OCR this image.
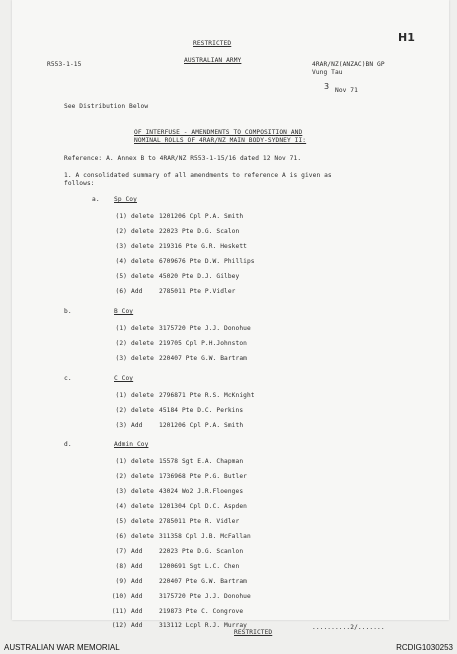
RESTRICTED
AUSTRALIAN ARMY
H1
R553-1-15	4RAR/NZ(ANZAC)BN GP
Vung Tau
3 Nov 71
See Distribution Below
OF INTERFUSE - AMENDMENTS TO COMPOSITION AND
NOMINAL ROLLS OF 4RAR/NZ MAIN BODY-SYDNEY II:
Reference: A. Annex B to 4RAR/NZ R553-1-15/16 dated 12 Nov 71.
1. A consolidated summary of all amendments to reference A is given as
follows:
a. Sp Coy
(1) delete 1201206 Cpl P.A. Smith
(2) delete 22023 Pte D.G. Scalon
(3) delete 219316 Pte G.R. Heskett
(4) delete 6709676 Pte D.W. Phillips
(5) delete 45020 Pte D.J. Gilbey
(6) Add	2785011 Pte P.Vidler
b.	B Coy
(1) delete 3175720 Pte J.J. Donohue
(2) delete 219705 Cpl P.H.Johnston
(3) delete 220407 Pte G.W. Bartram
c.	C Coy
(1) delete 2796871 Pte R.S. McKnight
(2) delete 45184 Pte D.C. Perkins
(3) Add	1201206 Cpl P.A. Smith
d.	Admin Coy
(1) delete 15578 Sgt E.A. Chapman
(2) delete 1736968 Pte P.G. Butler
(3) delete 43024 Wo2 J.R.Floenges
(4) delete 1201304 Cpl D.C. Aspden
(5) delete 2785011 Pte R. Vidler
(6) delete 311358 Cpl J.B. McFallan
(7) Add	22023 Pte D.G. Scanlon
(8) Add	1200691 Sgt L.C. Chen
(9) Add	220407 Pte G.W. Bartram
(10) Add	3175720 Pte J.J. Donohue
(11) Add	219873 Pte C. Congrove
(12) Add	313112 Lcpl R.J. Murray
RESTRICTED
..........2/.......
AUSTRALIAN WAR MEMORIAL	RCDIG1030253
